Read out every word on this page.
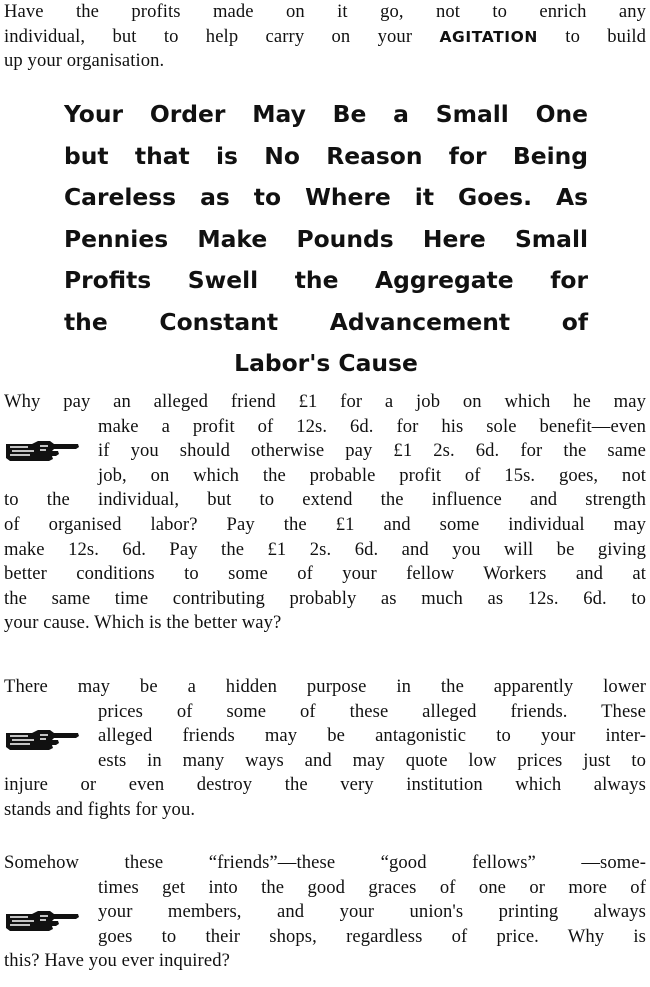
Have the profits made on it go, not to enrich any
individual, but to help carry on your AGITATION to build
up your organisation.
Your Order May Be a Small One
but that is No Reason for Being
Careless as to Where it Goes. As
Pennies Make Pounds Here Small
Profits Swell the Aggregate for
the Constant Advancement of
Labor's Cause
Why pay an alleged friend £1 for a job on which he may
make a profit of 12s. 6d. for his sole benefit—even
if you should otherwise pay £1 2s. 6d. for the same
job, on which the probable profit of 15s. goes, not
to the individual, but to extend the influence and strength
of organised labor? Pay the £1 and some individual may
make 12s. 6d. Pay the £1 2s. 6d. and you will be giving
better conditions to some of your fellow Workers and at
the same time contributing probably as much as 12s. 6d. to
your cause. Which is the better way?
There may be a hidden purpose in the apparently lower
prices of some of these alleged friends. These
alleged friends may be antagonistic to your inter-
ests in many ways and may quote low prices just to
injure or even destroy the very institution which always
stands and fights for you.
Somehow these “friends”—these “good fellows” —some-
times get into the good graces of one or more of
your members, and your union's printing always
goes to their shops, regardless of price. Why is
this? Have you ever inquired?
